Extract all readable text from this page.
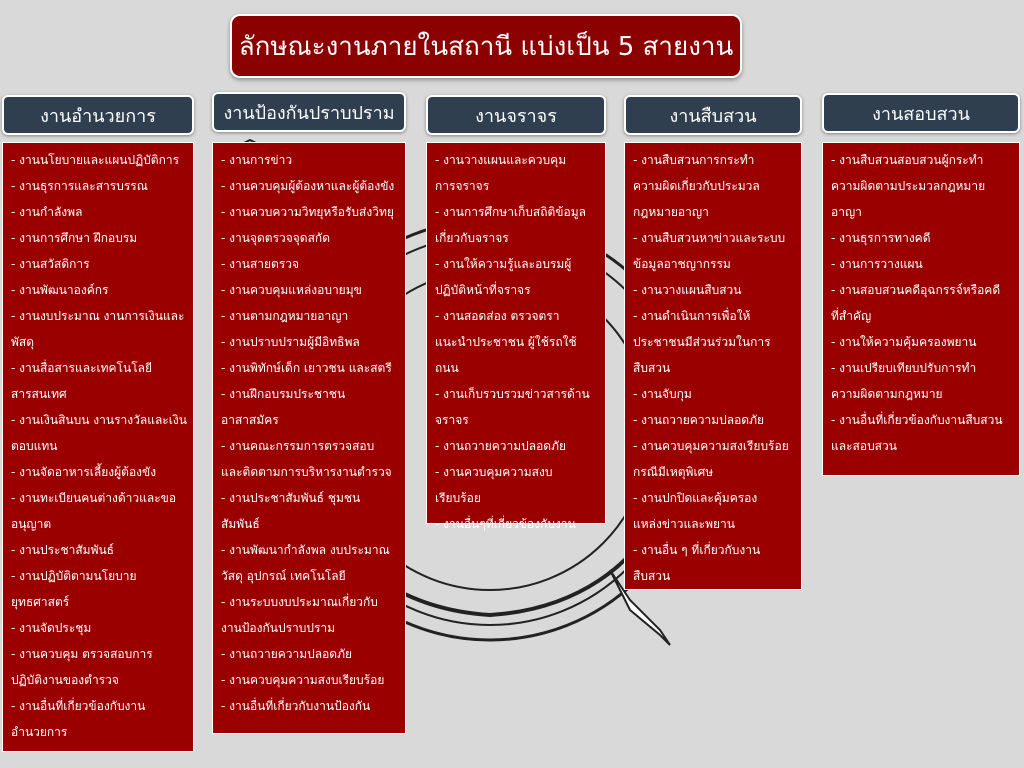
ลักษณะงานภายในสถานี แบ่งเป็น 5 สายงาน
งานอำนวยการ
- งานนโยบายและแผนปฏิบัติการ
- งานธุรการและสารบรรณ
- งานกำลังพล
- งานการศึกษา ฝึกอบรม
- งานสวัสดิการ
- งานพัฒนาองค์กร
- งานงบประมาณ งานการเงินและ
พัสดุ
- งานสื่อสารและเทคโนโลยี
สารสนเทศ
- งานเงินสินบน งานรางวัลและเงิน
ตอบแทน
- งานจัดอาหารเลี้ยงผู้ต้องขัง
- งานทะเบียนคนต่างด้าวและขอ
อนุญาต
- งานประชาสัมพันธ์
- งานปฏิบัติตามนโยบาย
ยุทธศาสตร์
- งานจัดประชุม
- งานควบคุม ตรวจสอบการ
ปฏิบัติงานของตำรวจ
- งานอื่นที่เกี่ยวข้องกับงาน
อำนวยการ
งานป้องกันปราบปราม
- งานการข่าว
- งานควบคุมผู้ต้องหาและผู้ต้องขัง
- งานควบความวิทยุหรือรับส่งวิทยุ
- งานจุดตรวจจุดสกัด
- งานสายตรวจ
- งานควบคุมแหล่งอบายมุข
- งานตามกฎหมายอาญา
- งานปราบปรามผู้มีอิทธิพล
- งานพิทักษ์เด็ก เยาวชน และสตรี
- งานฝึกอบรมประชาชน
อาสาสมัคร
- งานคณะกรรมการตรวจสอบ
และติดตามการบริหารงานตำรวจ
- งานประชาสัมพันธ์ ชุมชน
สัมพันธ์
- งานพัฒนากำลังพล งบประมาณ
วัสดุ อุปกรณ์ เทคโนโลยี
- งานระบบงบประมาณเกี่ยวกับ
งานป้องกันปราบปราม
- งานถวายความปลอดภัย
- งานควบคุมความสงบเรียบร้อย
- งานอื่นที่เกี่ยวกับงานป้องกัน
งานจราจร
- งานวางแผนและควบคุม
การจราจร
- งานการศึกษาเก็บสถิติข้อมูล
เกี่ยวกับจราจร
- งานให้ความรู้และอบรมผู้
ปฏิบัติหน้าที่จราจร
- งานสอดส่อง ตรวจตรา
แนะนำประชาชน ผู้ใช้รถใช้ถนน
- งานเก็บรวบรวมข่าวสารด้าน
จราจร
- งานถวายความปลอดภัย
- งานควบคุมความสงบ
เรียบร้อย
- งานอื่นๆที่เกี่ยวข้องกับงาน
งานสืบสวน
- งานสืบสวนการกระทำ
ความผิดเกี่ยวกับประมวล
กฎหมายอาญา
- งานสืบสวนหาข่าวและระบบ
ข้อมูลอาชญากรรม
- งานวางแผนสืบสวน
- งานดำเนินการเพื่อให้
ประชาชนมีส่วนร่วมในการ
สืบสวน
- งานจับกุม
- งานถวายความปลอดภัย
- งานควบคุมความสงเรียบร้อย
กรณีมีเหตุพิเศษ
- งานปกปิดและคุ้มครอง
แหล่งข่าวและพยาน
- งานอื่น ๆ ที่เกี่ยวกับงาน
สืบสวน
งานสอบสวน
- งานสืบสวนสอบสวนผู้กระทำ
ความผิดตามประมวลกฎหมาย
อาญา
- งานธุรการทางคดี
- งานการวางแผน
- งานสอบสวนคดีอุฉกรรจ์หรือคดี
ที่สำคัญ
- งานให้ความคุ้มครองพยาน
- งานเปรียบเทียบปรับการทำ
ความผิดตามกฎหมาย
- งานอื่นที่เกี่ยวข้องกับงานสืบสวน
และสอบสวน
